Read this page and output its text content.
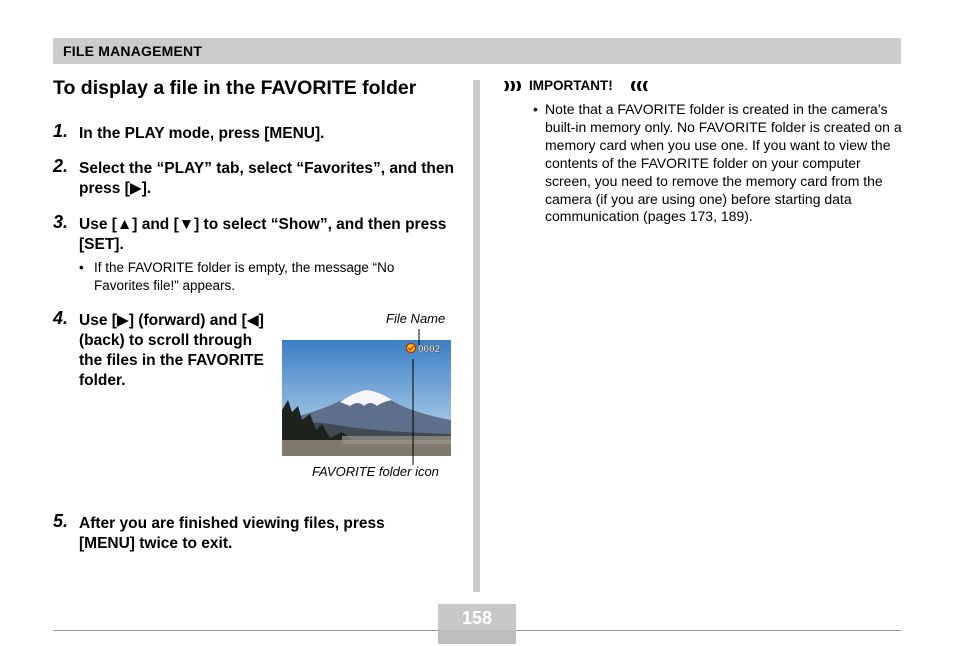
FILE MANAGEMENT
To display a file in the FAVORITE folder
1. In the PLAY mode, press [MENU].
2. Select the “PLAY” tab, select “Favorites”, and then press [▶].
3. Use [▲] and [▼] to select “Show”, and then press [SET].
• If the FAVORITE folder is empty, the message “No Favorites file!” appears.
4. Use [▶] (forward) and [◀] (back) to scroll through the files in the FAVORITE folder.
File Name
0002
FAVORITE folder icon
5. After you are finished viewing files, press [MENU] twice to exit.
IMPORTANT!
• Note that a FAVORITE folder is created in the camera’s built-in memory only. No FAVORITE folder is created on a memory card when you use one. If you want to view the contents of the FAVORITE folder on your computer screen, you need to remove the memory card from the camera (if you are using one) before starting data communication (pages 173, 189).
158
